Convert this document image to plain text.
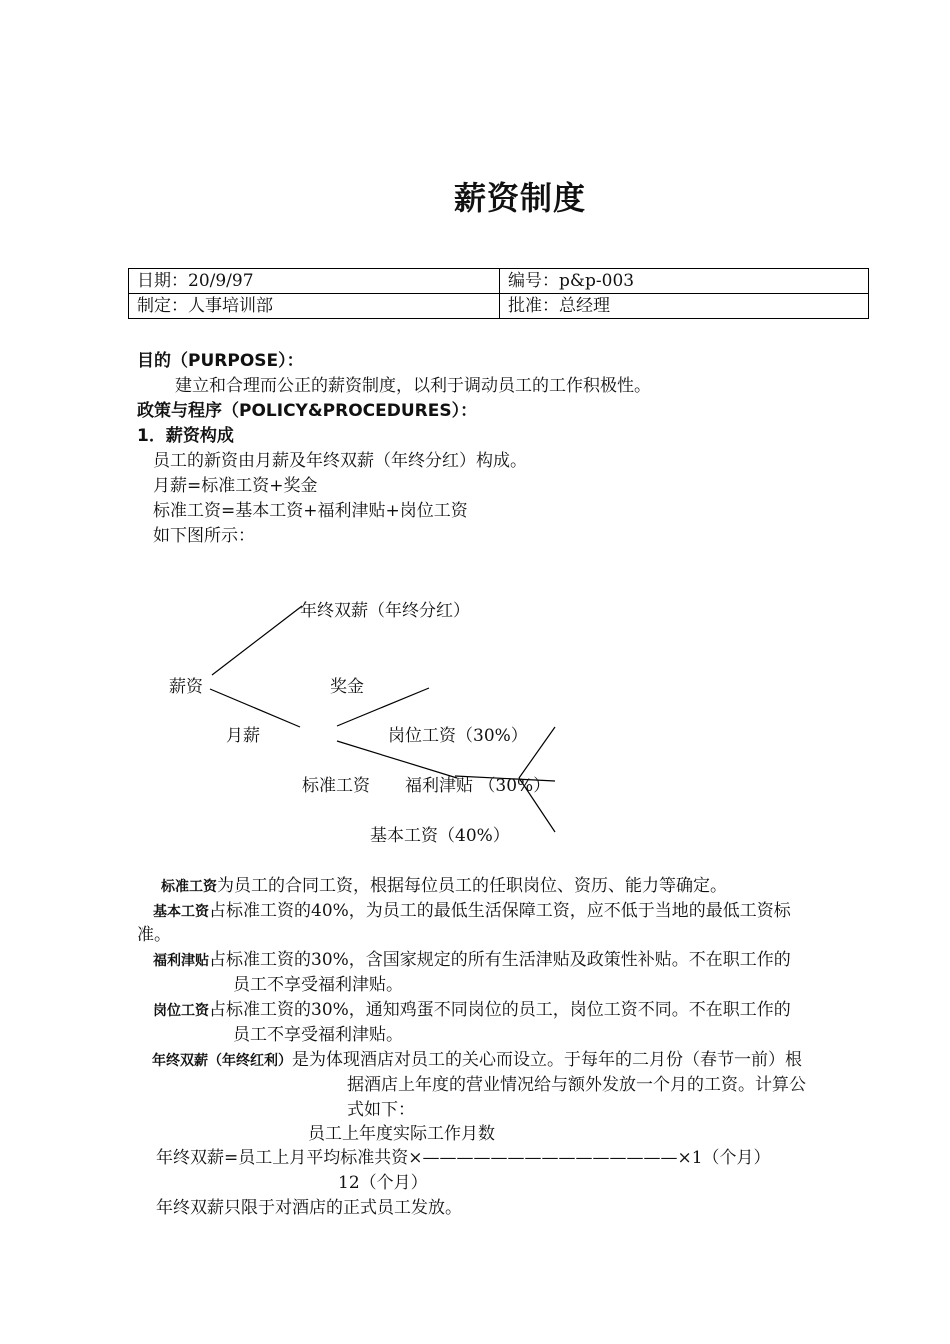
薪资制度
日期：20/9/97	编号：p&p-003
制定：人事培训部	批准：总经理
目的（PURPOSE）：
建立和合理而公正的薪资制度，以利于调动员工的工作积极性。
政策与程序（POLICY&PROCEDURES）：
1．薪资构成
员工的新资由月薪及年终双薪（年终分红）构成。
月薪=标准工资+奖金
标准工资=基本工资+福利津贴+岗位工资
如下图所示：
年终双薪（年终分红）
薪资	奖金
月薪	岗位工资（30%）
标准工资 福利津贴 （30%）
基本工资（40%）
标准工资为员工的合同工资，根据每位员工的任职岗位、资历、能力等确定。
基本工资占标准工资的40%，为员工的最低生活保障工资，应不低于当地的最低工资标
准。
福利津贴占标准工资的30%，含国家规定的所有生活津贴及政策性补贴。不在职工作的
员工不享受福利津贴。
岗位工资占标准工资的30%，通知鸡蛋不同岗位的员工，岗位工资不同。不在职工作的
员工不享受福利津贴。
年终双薪（年终红利）是为体现酒店对员工的关心而设立。于每年的二月份（春节一前）根
据酒店上年度的营业情况给与额外发放一个月的工资。计算公
式如下：
员工上年度实际工作月数
年终双薪=员工上月平均标准共资×———————————————×1（个月）
12（个月）
年终双薪只限于对酒店的正式员工发放。
